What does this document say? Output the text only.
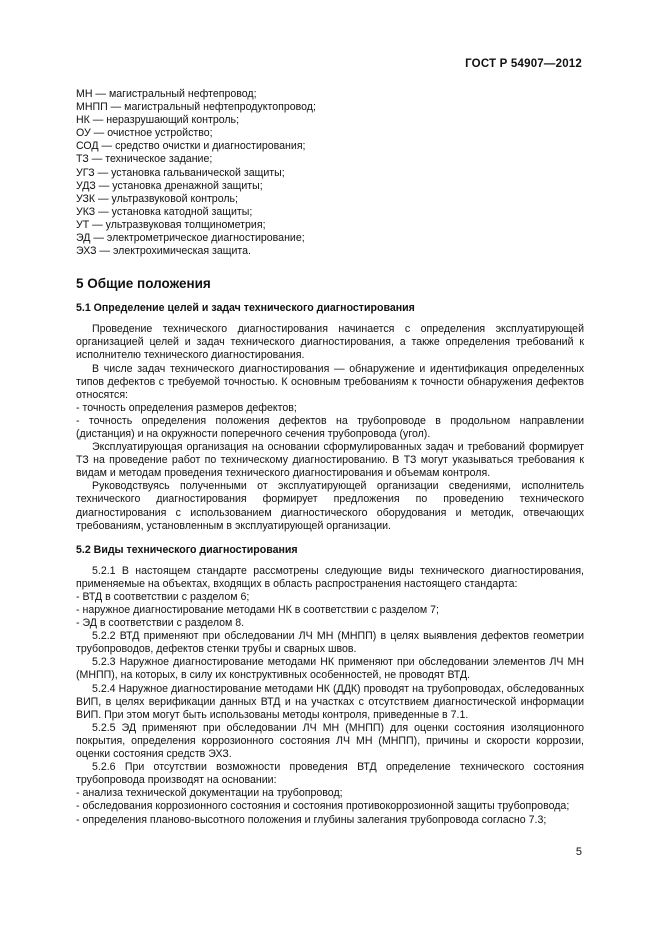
ГОСТ Р 54907—2012
МН — магистральный нефтепровод;
МНПП — магистральный нефтепродуктопровод;
НК — неразрушающий контроль;
ОУ — очистное устройство;
СОД — средство очистки и диагностирования;
ТЗ — техническое задание;
УГЗ — установка гальванической защиты;
УДЗ — установка дренажной защиты;
УЗК — ультразвуковой контроль;
УКЗ — установка катодной защиты;
УТ — ультразвуковая толщинометрия;
ЭД — электрометрическое диагностирование;
ЭХЗ — электрохимическая защита.
5 Общие положения
5.1 Определение целей и задач технического диагностирования

Проведение технического диагностирования начинается с определения эксплуатирующей организацией целей и задач технического диагностирования, а также определения требований к исполнителю технического диагностирования.

В числе задач технического диагностирования — обнаружение и идентификация определенных типов дефектов с требуемой точностью. К основным требованиям к точности обнаружения дефектов относятся:

- точность определения размеров дефектов;

- точность определения положения дефектов на трубопроводе в продольном направлении (дистанция) и на окружности поперечного сечения трубопровода (угол).

Эксплуатирующая организация на основании сформулированных задач и требований формирует ТЗ на проведение работ по техническому диагностированию. В ТЗ могут указываться требования к видам и методам проведения технического диагностирования и объемам контроля.

Руководствуясь полученными от эксплуатирующей организации сведениями, исполнитель технического диагностирования формирует предложения по проведению технического диагностирования с использованием диагностического оборудования и методик, отвечающих требованиям, установленным в эксплуатирующей организации.

5.2 Виды технического диагностирования

5.2.1 В настоящем стандарте рассмотрены следующие виды технического диагностирования, применяемые на объектах, входящих в область распространения настоящего стандарта:

- ВТД в соответствии с разделом 6;

- наружное диагностирование методами НК в соответствии с разделом 7;

- ЭД в соответствии с разделом 8.

5.2.2 ВТД применяют при обследовании ЛЧ МН (МНПП) в целях выявления дефектов геометрии трубопроводов, дефектов стенки трубы и сварных швов.

5.2.3 Наружное диагностирование методами НК применяют при обследовании элементов ЛЧ МН (МНПП), на которых, в силу их конструктивных особенностей, не проводят ВТД.

5.2.4 Наружное диагностирование методами НК (ДДК) проводят на трубопроводах, обследованных ВИП, в целях верификации данных ВТД и на участках с отсутствием диагностической информации ВИП. При этом могут быть использованы методы контроля, приведенные в 7.1.

5.2.5 ЭД применяют при обследовании ЛЧ МН (МНПП) для оценки состояния изоляционного покрытия, определения коррозионного состояния ЛЧ МН (МНПП), причины и скорости коррозии, оценки состояния средств ЭХЗ.

5.2.6 При отсутствии возможности проведения ВТД определение технического состояния трубопровода производят на основании:

- анализа технической документации на трубопровод;

- обследования коррозионного состояния и состояния противокоррозионной защиты трубопровода;

- определения планово-высотного положения и глубины залегания трубопровода согласно 7.3;

5
